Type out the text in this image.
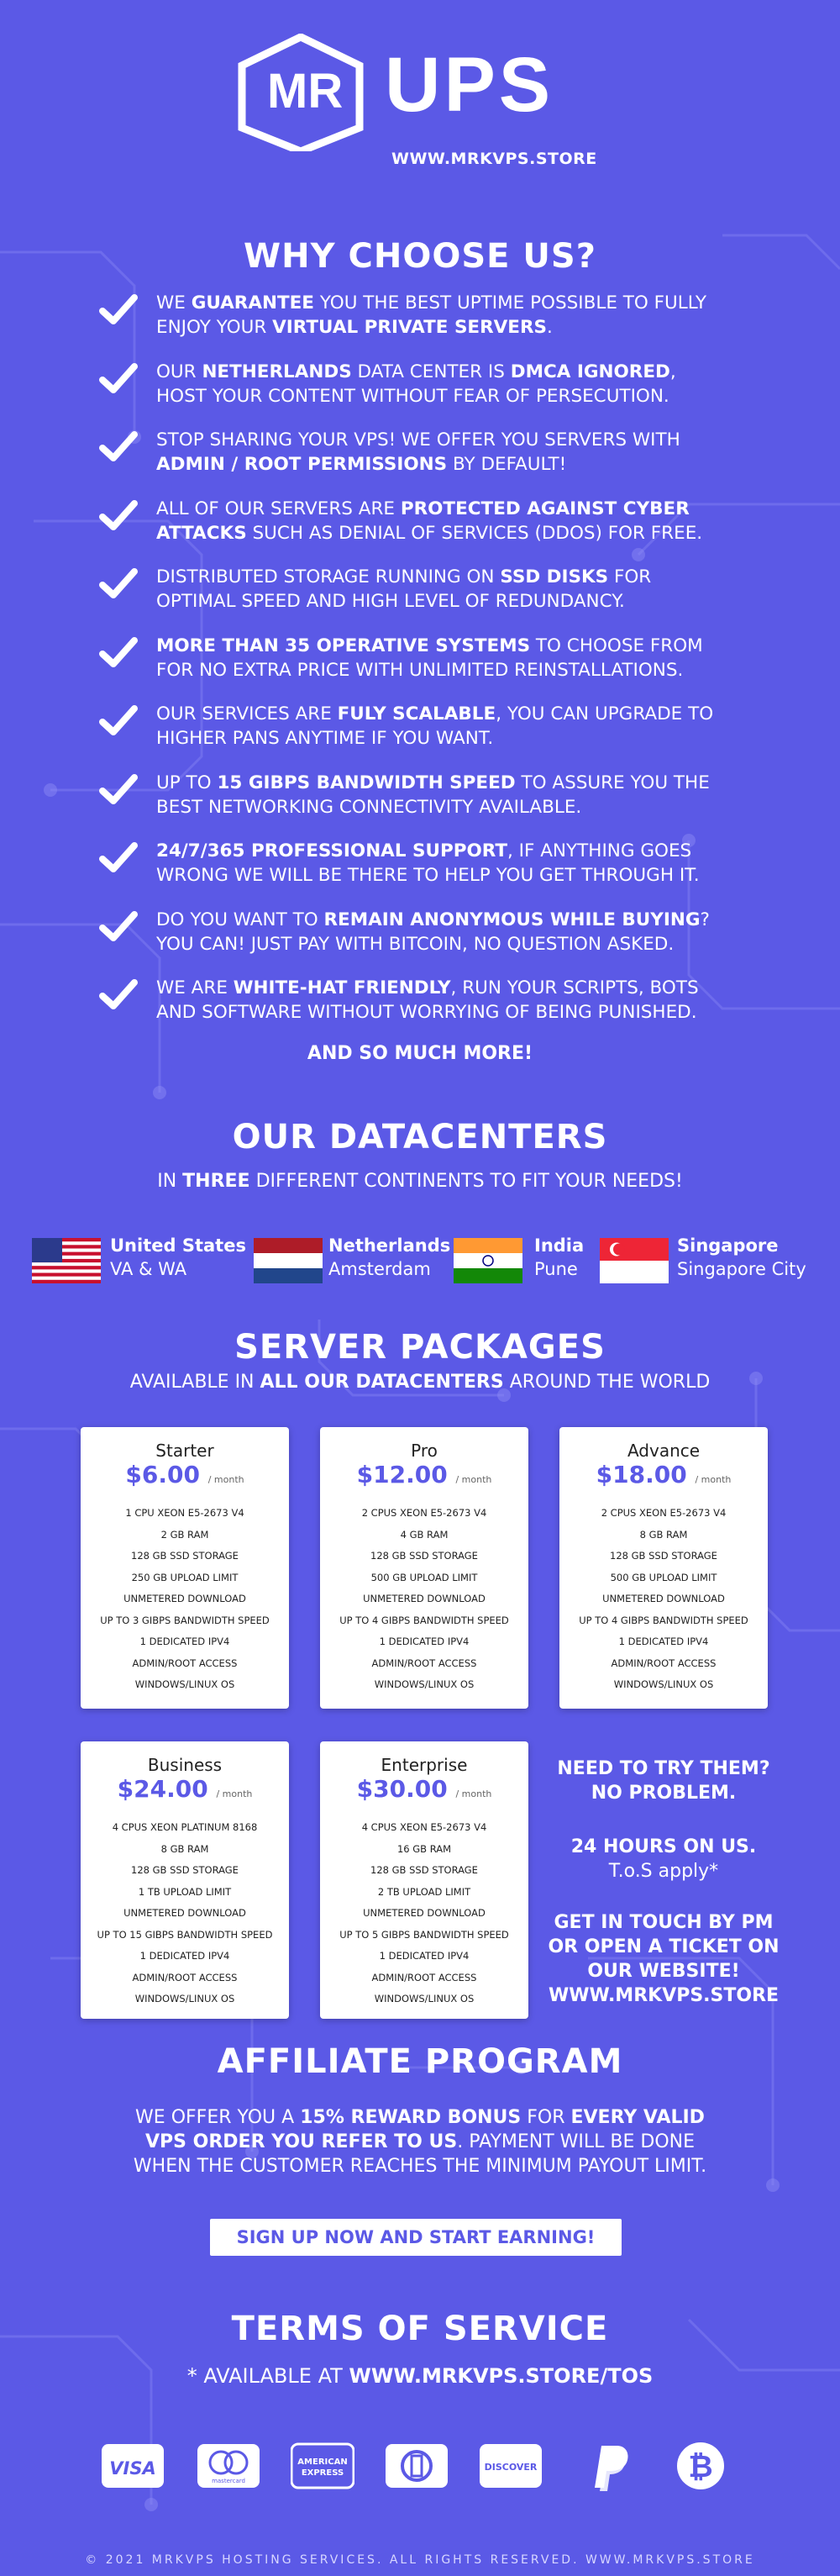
MR UPS
WWW.MRKVPS.STORE
WHY CHOOSE US?
WE GUARANTEE YOU THE BEST UPTIME POSSIBLE TO FULLY
ENJOY YOUR VIRTUAL PRIVATE SERVERS.
OUR NETHERLANDS DATA CENTER IS DMCA IGNORED,
HOST YOUR CONTENT WITHOUT FEAR OF PERSECUTION.
STOP SHARING YOUR VPS! WE OFFER YOU SERVERS WITH
ADMIN / ROOT PERMISSIONS BY DEFAULT!
ALL OF OUR SERVERS ARE PROTECTED AGAINST CYBER
ATTACKS SUCH AS DENIAL OF SERVICES (DDOS) FOR FREE.
DISTRIBUTED STORAGE RUNNING ON SSD DISKS FOR
OPTIMAL SPEED AND HIGH LEVEL OF REDUNDANCY.
MORE THAN 35 OPERATIVE SYSTEMS TO CHOOSE FROM
FOR NO EXTRA PRICE WITH UNLIMITED REINSTALLATIONS.
OUR SERVICES ARE FULY SCALABLE, YOU CAN UPGRADE TO
HIGHER PANS ANYTIME IF YOU WANT.
UP TO 15 GIBPS BANDWIDTH SPEED TO ASSURE YOU THE
BEST NETWORKING CONNECTIVITY AVAILABLE.
24/7/365 PROFESSIONAL SUPPORT, IF ANYTHING GOES
WRONG WE WILL BE THERE TO HELP YOU GET THROUGH IT.
DO YOU WANT TO REMAIN ANONYMOUS WHILE BUYING?
YOU CAN! JUST PAY WITH BITCOIN, NO QUESTION ASKED.
WE ARE WHITE-HAT FRIENDLY, RUN YOUR SCRIPTS, BOTS
AND SOFTWARE WITHOUT WORRYING OF BEING PUNISHED.
AND SO MUCH MORE!
OUR DATACENTERS
IN THREE DIFFERENT CONTINENTS TO FIT YOUR NEEDS!
United States
VA & WA
Netherlands
Amsterdam
India
Pune
Singapore
Singapore City
SERVER PACKAGES
AVAILABLE IN ALL OUR DATACENTERS AROUND THE WORLD
Starter
$6.00 / month
1 CPU XEON E5-2673 V4
2 GB RAM
128 GB SSD STORAGE
250 GB UPLOAD LIMIT
UNMETERED DOWNLOAD
UP TO 3 GIBPS BANDWIDTH SPEED
1 DEDICATED IPV4
ADMIN/ROOT ACCESS
WINDOWS/LINUX OS
Pro
$12.00 / month
2 CPUS XEON E5-2673 V4
4 GB RAM
128 GB SSD STORAGE
500 GB UPLOAD LIMIT
UNMETERED DOWNLOAD
UP TO 4 GIBPS BANDWIDTH SPEED
1 DEDICATED IPV4
ADMIN/ROOT ACCESS
WINDOWS/LINUX OS
Advance
$18.00 / month
2 CPUS XEON E5-2673 V4
8 GB RAM
128 GB SSD STORAGE
500 GB UPLOAD LIMIT
UNMETERED DOWNLOAD
UP TO 4 GIBPS BANDWIDTH SPEED
1 DEDICATED IPV4
ADMIN/ROOT ACCESS
WINDOWS/LINUX OS
Business
$24.00 / month
4 CPUS XEON PLATINUM 8168
8 GB RAM
128 GB SSD STORAGE
1 TB UPLOAD LIMIT
UNMETERED DOWNLOAD
UP TO 15 GIBPS BANDWIDTH SPEED
1 DEDICATED IPV4
ADMIN/ROOT ACCESS
WINDOWS/LINUX OS
Enterprise
$30.00 / month
4 CPUS XEON E5-2673 V4
16 GB RAM
128 GB SSD STORAGE
2 TB UPLOAD LIMIT
UNMETERED DOWNLOAD
UP TO 5 GIBPS BANDWIDTH SPEED
1 DEDICATED IPV4
ADMIN/ROOT ACCESS
WINDOWS/LINUX OS
NEED TO TRY THEM?
NO PROBLEM.
24 HOURS ON US.
T.o.S apply*
GET IN TOUCH BY PM
OR OPEN A TICKET ON
OUR WEBSITE!
WWW.MRKVPS.STORE
AFFILIATE PROGRAM
WE OFFER YOU A 15% REWARD BONUS FOR EVERY VALID
VPS ORDER YOU REFER TO US. PAYMENT WILL BE DONE
WHEN THE CUSTOMER REACHES THE MINIMUM PAYOUT LIMIT.
SIGN UP NOW AND START EARNING!
TERMS OF SERVICE
* AVAILABLE AT WWW.MRKVPS.STORE/TOS
VISA
mastercard
AMERICAN
EXPRESS
DISCOVER	₿
© 2021 MRKVPS HOSTING SERVICES. ALL RIGHTS RESERVED. WWW.MRKVPS.STORE
